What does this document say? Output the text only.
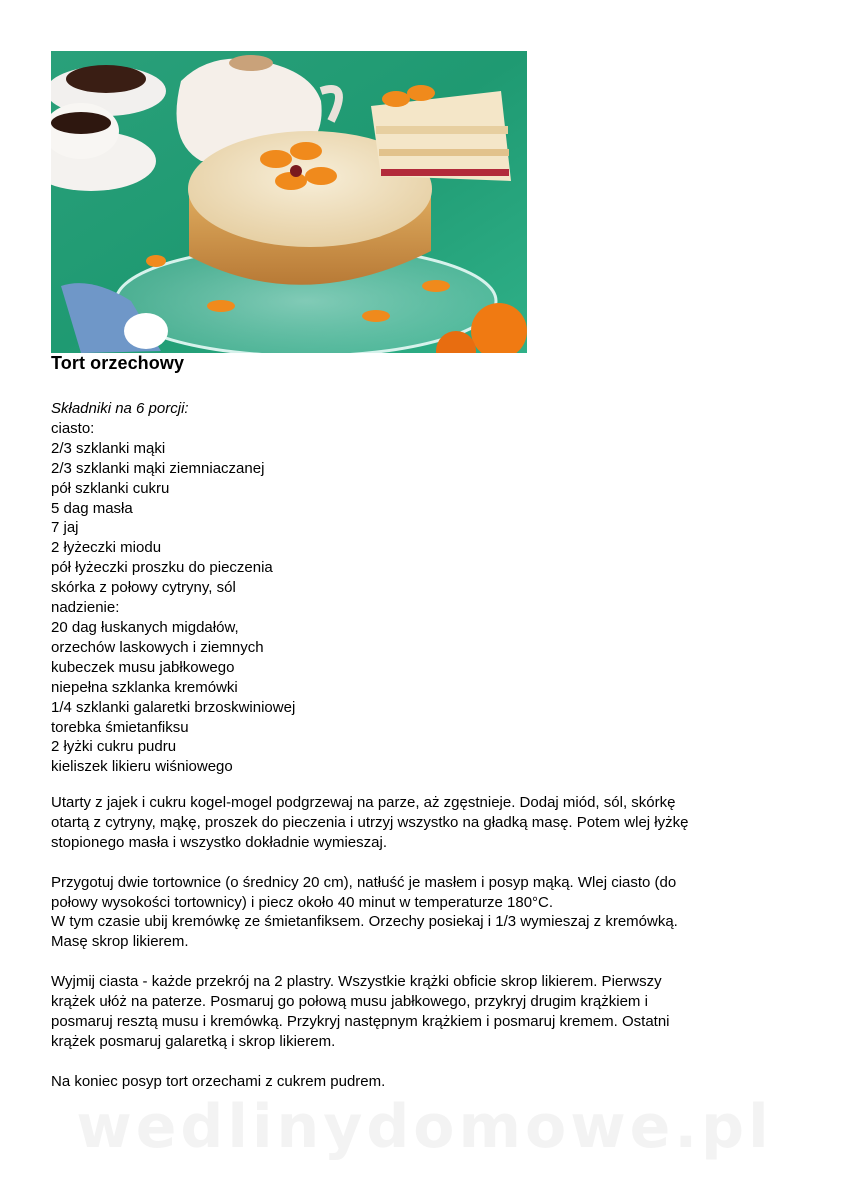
Tort orzechowy
Składniki na 6 porcji:
ciasto:
2/3 szklanki mąki
2/3 szklanki mąki ziemniaczanej
pół szklanki cukru
5 dag masła
7 jaj
2 łyżeczki miodu
pół łyżeczki proszku do pieczenia
skórka z połowy cytryny, sól
nadzienie:
20 dag łuskanych migdałów,
orzechów laskowych i ziemnych
kubeczek musu jabłkowego
niepełna szklanka kremówki
1/4 szklanki galaretki brzoskwiniowej
torebka śmietanfiksu
2 łyżki cukru pudru
kieliszek likieru wiśniowego

Utarty z jajek i cukru kogel-mogel podgrzewaj na parze, aż zgęstnieje. Dodaj miód, sól, skórkę
otartą z cytryny, mąkę, proszek do pieczenia i utrzyj wszystko na gładką masę. Potem wlej łyżkę
stopionego masła i wszystko dokładnie wymieszaj.

Przygotuj dwie tortownice (o średnicy 20 cm), natłuść je masłem i posyp mąką. Wlej ciasto (do
połowy wysokości tortownicy) i piecz około 40 minut w temperaturze 180°C.
W tym czasie ubij kremówkę ze śmietanfiksem. Orzechy posiekaj i 1/3 wymieszaj z kremówką.
Masę skrop likierem.

Wyjmij ciasta - każde przekrój na 2 plastry. Wszystkie krążki obficie skrop likierem. Pierwszy
krążek ułóż na paterze. Posmaruj go połową musu jabłkowego, przykryj drugim krążkiem i
posmaruj resztą musu i kremówką. Przykryj następnym krążkiem i posmaruj kremem. Ostatni
krążek posmaruj galaretką i skrop likierem.

Na koniec posyp tort orzechami z cukrem pudrem.

wedlinydomowe.pl
